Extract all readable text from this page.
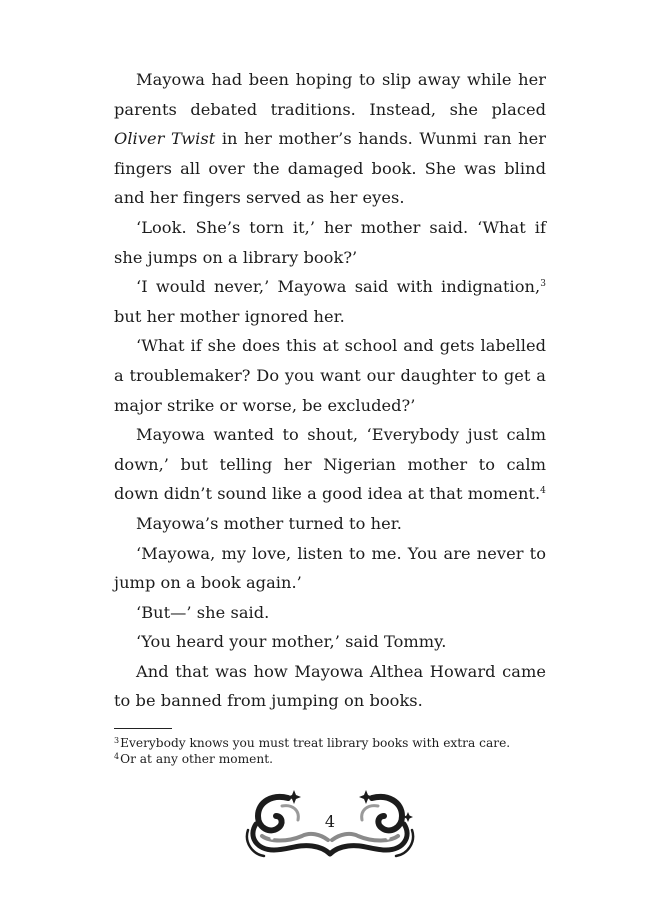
Mayowa had been hoping to slip away while her parents debated traditions. Instead, she placed Oliver Twist in her mother’s hands. Wunmi ran her fingers all over the damaged book. She was blind and her fingers served as her eyes.

‘Look. She’s torn it,’ her mother said. ‘What if she jumps on a library book?’

‘I would never,’ Mayowa said with indignation,$^3$ but her mother ignored her.

‘What if she does this at school and gets labelled a troublemaker? Do you want our daughter to get a major strike or worse, be excluded?’

Mayowa wanted to shout, ‘Everybody just calm down,’ but telling her Nigerian mother to calm down didn’t sound like a good idea at that moment.$^4$

Mayowa’s mother turned to her.

‘Mayowa, my love, listen to me. You are never to jump on a book again.’

‘But—’ she said.

‘You heard your mother,’ said Tommy.

And that was how Mayowa Althea Howard came to be banned from jumping on books.

$^3$Everybody knows you must treat library books with extra care.

$^4$Or at any other moment.

4
